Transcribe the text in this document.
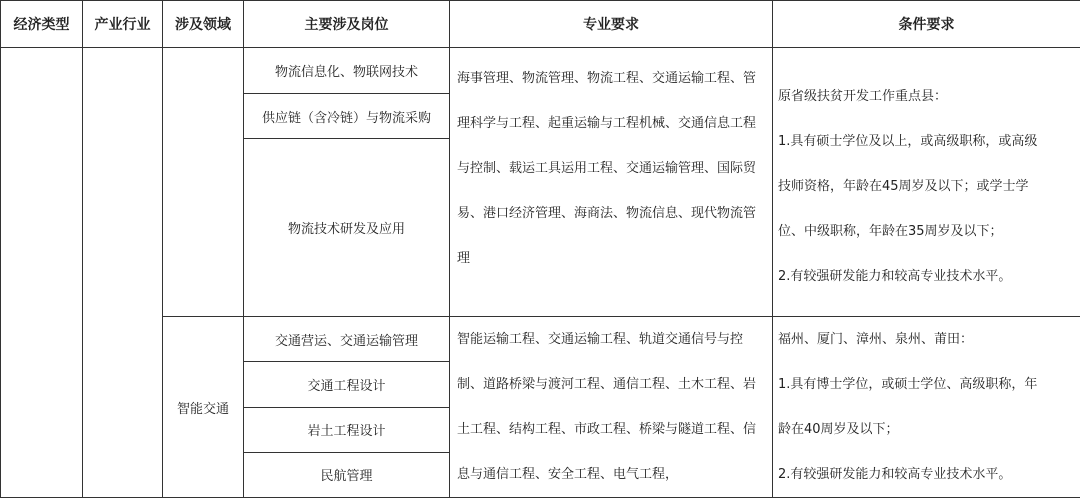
经济类型	产业行业	涉及领域	主要涉及岗位	专业要求	条件要求
			物流信息化、物联网技术	海事管理、物流管理、物流工程、交通运输工程、管理科学与工程、起重运输与工程机械、交通信息工程与控制、载运工具运用工程、交通运输管理、国际贸易、港口经济管理、海商法、物流信息、现代物流管理	原省级扶贫开发工作重点县：
1.具有硕士学位及以上，或高级职称，或高级
技师资格，年龄在45周岁及以下；或学士学
位、中级职称，年龄在35周岁及以下；
2.有较强研发能力和较高专业技术水平。

			供应链（含冷链）与物流采购		
			物流技术研发及应用		
		智能交通	交通营运、交通运输管理	智能运输工程、交通运输工程、轨道交通信号与控制、道路桥梁与渡河工程、通信工程、土木工程、岩土工程、结构工程、市政工程、桥梁与隧道工程、信息与通信工程、安全工程、电气工程，	福州、厦门、漳州、泉州、莆田：
1.具有博士学位，或硕士学位、高级职称，年
龄在40周岁及以下；
2.有较强研发能力和较高专业技术水平。

			交通工程设计		
			岩土工程设计		
			民航管理		
